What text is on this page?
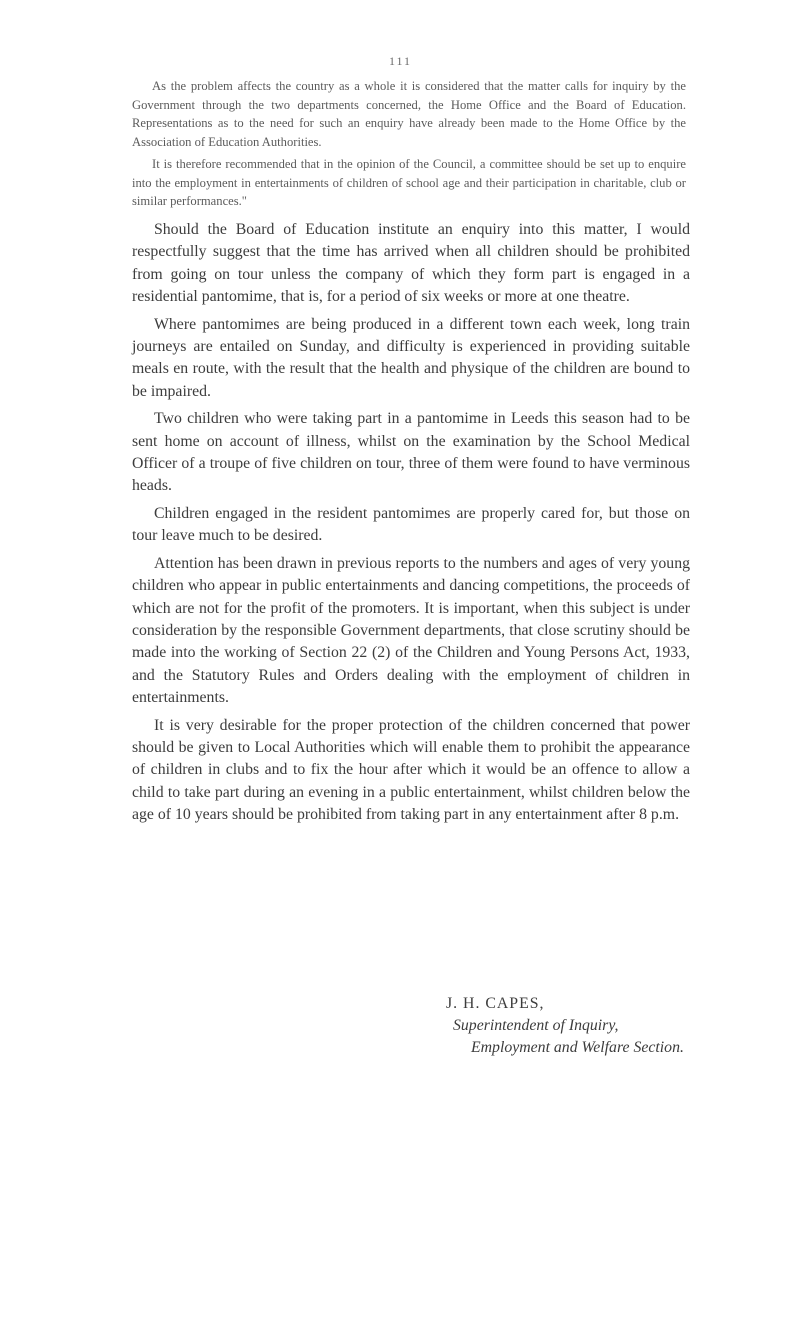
111

As the problem affects the country as a whole it is considered that the matter calls for inquiry by the Government through the two departments concerned, the Home Office and the Board of Education. Representations as to the need for such an enquiry have already been made to the Home Office by the Association of Education Authorities.

It is therefore recommended that in the opinion of the Council, a committee should be set up to enquire into the employment in entertainments of children of school age and their participation in charitable, club or similar performances."

Should the Board of Education institute an enquiry into this matter, I would respectfully suggest that the time has arrived when all children should be prohibited from going on tour unless the company of which they form part is engaged in a residential pantomime, that is, for a period of six weeks or more at one theatre.

Where pantomimes are being produced in a different town each week, long train journeys are entailed on Sunday, and difficulty is experienced in providing suitable meals en route, with the result that the health and physique of the children are bound to be impaired.

Two children who were taking part in a pantomime in Leeds this season had to be sent home on account of illness, whilst on the examination by the School Medical Officer of a troupe of five children on tour, three of them were found to have verminous heads.

Children engaged in the resident pantomimes are properly cared for, but those on tour leave much to be desired.

Attention has been drawn in previous reports to the numbers and ages of very young children who appear in public entertainments and dancing competitions, the proceeds of which are not for the profit of the promoters. It is important, when this subject is under consideration by the responsible Government departments, that close scrutiny should be made into the working of Section 22 (2) of the Children and Young Persons Act, 1933, and the Statutory Rules and Orders dealing with the employment of children in entertainments.

It is very desirable for the proper protection of the children concerned that power should be given to Local Authorities which will enable them to prohibit the appearance of children in clubs and to fix the hour after which it would be an offence to allow a child to take part during an evening in a public entertainment, whilst children below the age of 10 years should be prohibited from taking part in any entertainment after 8 p.m.

J. H. CAPES,
Superintendent of Inquiry,
Employment and Welfare Section.
